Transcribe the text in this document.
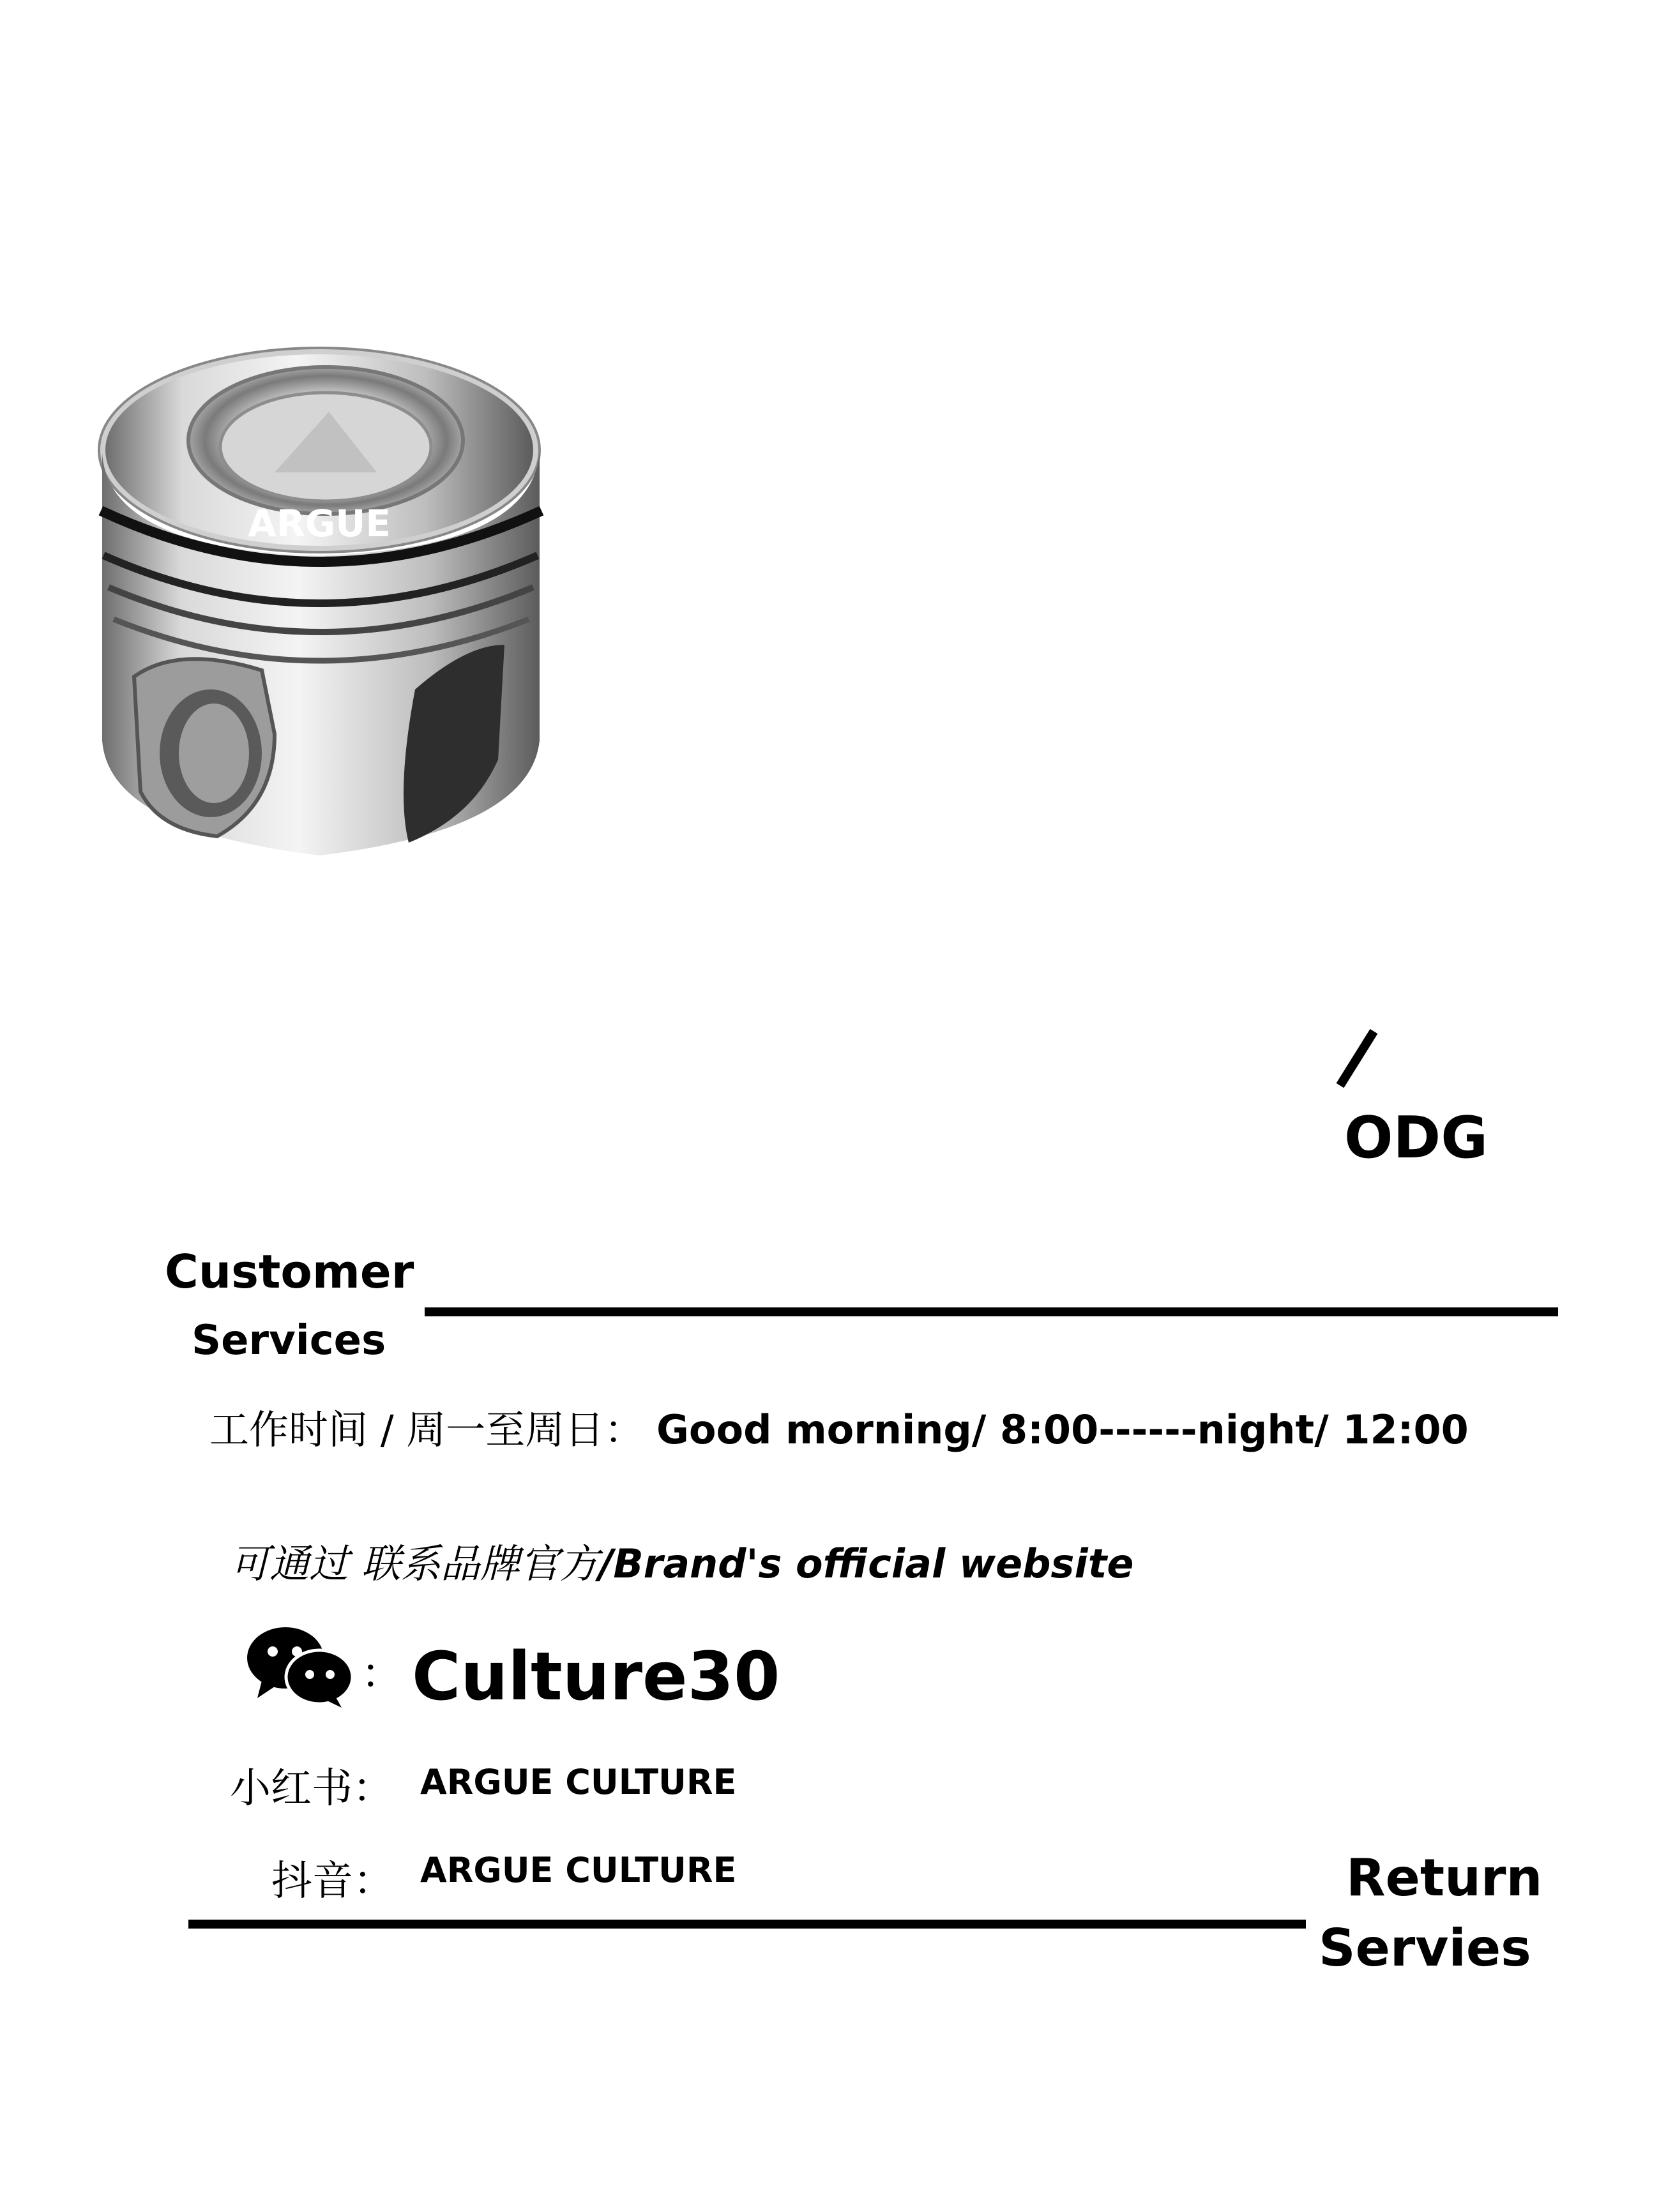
ARGUE
ODG
Customer
Services
工作时间 / 周一至周日： Good morning/ 8:00------night/ 12:00
可通过 联系品牌官方/Brand's official website
： Culture30
小红书： ARGUE CULTURE
抖音： ARGUE CULTURE	Return
Servies
